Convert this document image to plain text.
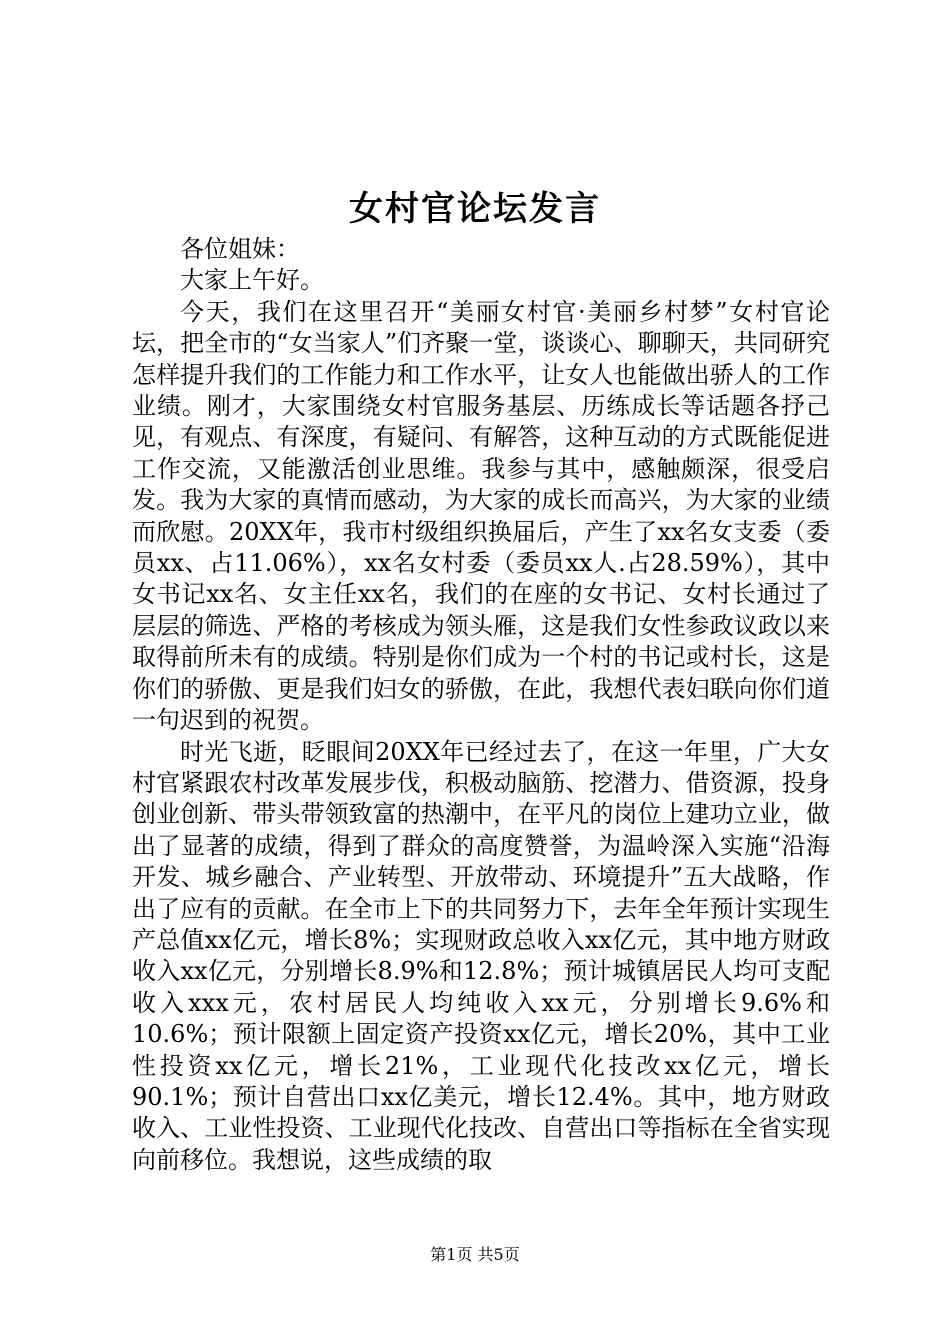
女村官论坛发言

各位姐妹：

大家上午好。

今天，我们在这里召开“美丽女村官·美丽乡村梦”女村官论坛，把全市的“女当家人”们齐聚一堂，谈谈心、聊聊天，共同研究怎样提升我们的工作能力和工作水平，让女人也能做出骄人的工作业绩。刚才，大家围绕女村官服务基层、历练成长等话题各抒己见，有观点、有深度，有疑问、有解答，这种互动的方式既能促进工作交流，又能激活创业思维。我参与其中，感触颇深，很受启发。我为大家的真情而感动，为大家的成长而高兴，为大家的业绩而欣慰。20XX年，我市村级组织换届后，产生了xx名女支委（委员xx、占11.06%），xx名女村委（委员xx人.占28.59%），其中女书记xx名、女主任xx名，我们的在座的女书记、女村长通过了层层的筛选、严格的考核成为领头雁，这是我们女性参政议政以来取得前所未有的成绩。特别是你们成为一个村的书记或村长，这是你们的骄傲、更是我们妇女的骄傲，在此，我想代表妇联向你们道一句迟到的祝贺。

时光飞逝，眨眼间20XX年已经过去了，在这一年里，广大女村官紧跟农村改革发展步伐，积极动脑筋、挖潜力、借资源，投身创业创新、带头带领致富的热潮中，在平凡的岗位上建功立业，做出了显著的成绩，得到了群众的高度赞誉，为温岭深入实施“沿海开发、城乡融合、产业转型、开放带动、环境提升”五大战略，作出了应有的贡献。在全市上下的共同努力下，去年全年预计实现生产总值xx亿元，增长8%；实现财政总收入xx亿元，其中地方财政收入xx亿元，分别增长8.9%和12.8%；预计城镇居民人均可支配收入xxx元，农村居民人均纯收入xx元，分别增长9.6%和10.6%；预计限额上固定资产投资xx亿元，增长20%，其中工业性投资xx亿元，增长21%，工业现代化技改xx亿元，增长90.1%；预计自营出口xx亿美元，增长12.4%。其中，地方财政收入、工业性投资、工业现代化技改、自营出口等指标在全省实现向前移位。我想说，这些成绩的取

第1页 共5页
